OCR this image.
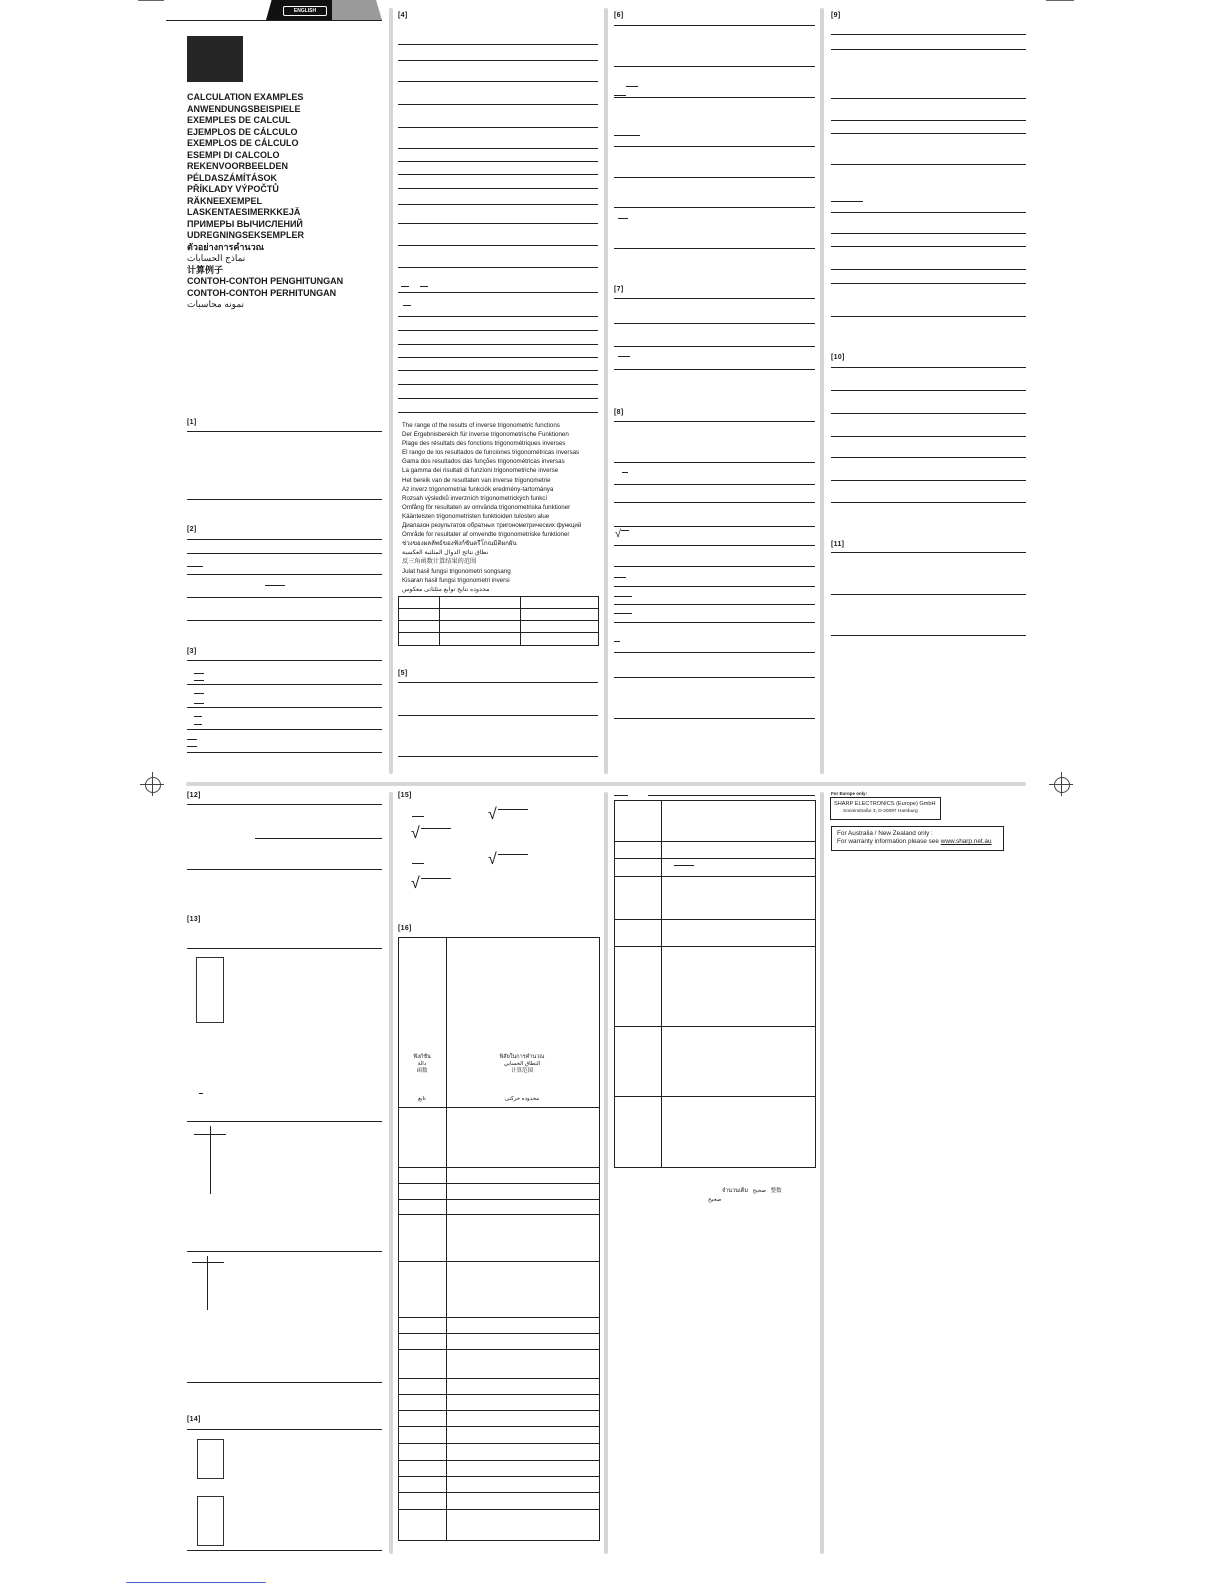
ENGLISH
CALCULATION EXAMPLES
ANWENDUNGSBEISPIELE
EXEMPLES DE CALCUL
EJEMPLOS DE CÁLCULO
EXEMPLOS DE CÁLCULO
ESEMPI DI CALCOLO
REKENVOORBEELDEN
PÉLDASZÁMÍTÁSOK
PŘÍKLADY VÝPOČTŮ
RÄKNEEXEMPEL
LASKENTAESIMERKKEJÄ
ПРИМЕРЫ ВЫЧИСЛЕНИЙ
UDREGNINGSEKSEMPLER
ตัวอย่างการคำนวณ
نماذج الحسابات
计算例子
CONTOH-CONTOH PENGHITUNGAN
CONTOH-CONTOH PERHITUNGAN
نمونه محاسبات
[1]
[2]
[3]
[4]
The range of the results of inverse trigonometric functions
Der Ergebnisbereich für inverse trigonometrische Funktionen
Plage des résultats des fonctions trigonométriques inverses
El rango de los resultados de funciones trigonométricas inversas
Gama dos resultados das funções trigonométricas inversas
La gamma dei risultati di funzioni trigonometriche inverse
Het bereik van de resultaten van inverse trigonometrie
Az inverz trigonometriai funkciók eredmény-tartománya
Rozsah výsledků inverzních trigonometrických funkcí
Omfång för resultaten av omvända trigonometriska funktioner
Käänteisten trigonometristen funktioiden tulosten alue
Диапазон результатов обратных тригонометрических функций
Område for resultater af omvendte trigonometriske funktioner
ช่วงของผลลัพธ์ของฟังก์ชันตรีโกณมิติผกผัน
نطاق نتائج الدوال المثلثية العكسية
反三角函数计算结果的范围
Julat hasil fungsi trigonometri songsang
Kisaran hasil fungsi trigonometri inversi
محدوده نتایج توابع مثلثاتی معکوس
[5]
[6]
[7]
[8]
√
[9]
[10]
[11]
[12]
[13]
[14]
[15]
√
√
√
√
[16]
ฟังก์ชัน
دالة
函数
تابع
พิสัยในการคำนวณ
النطاق الحسابي
计算范围
محدوده حرکتی
จำนวนเต็ม صحيح 整数
صحیح
For Europe only:
SHARP ELECTRONICS (Europe) GmbH
Sonninstraße 3, D-20097 Hamburg
For Australia / New Zealand only :
For warranty information please see www.sharp.net.au
